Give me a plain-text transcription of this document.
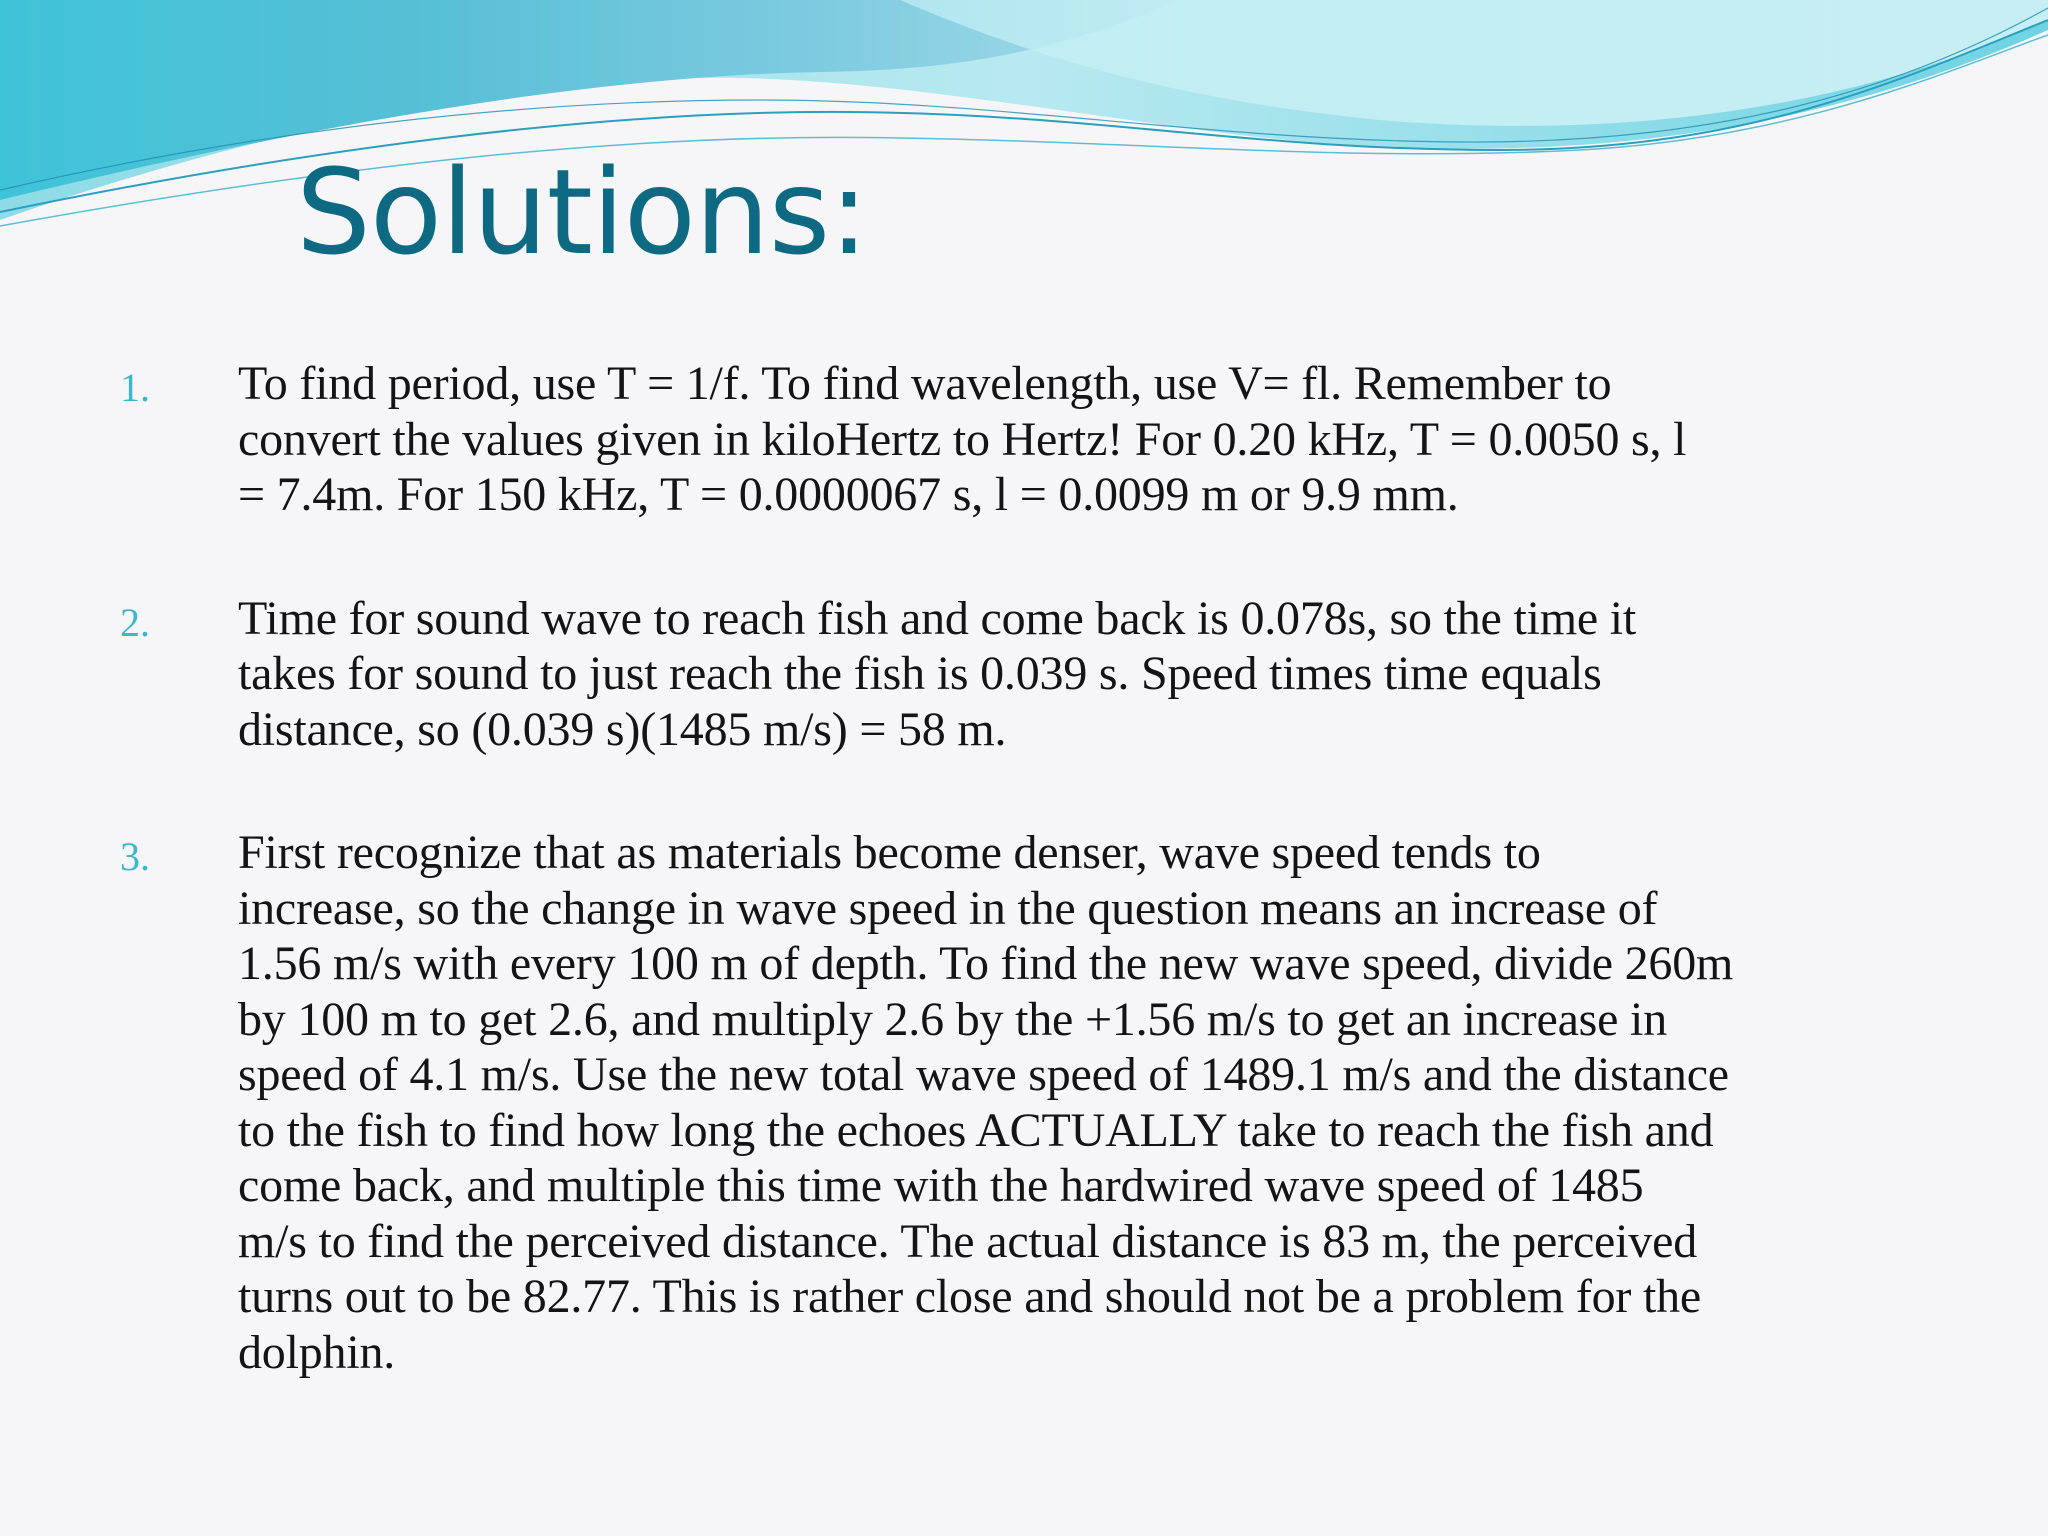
Solutions:
1. To find period, use T = 1/f. To find wavelength, use V= fl. Remember to
convert the values given in kiloHertz to Hertz! For 0.20 kHz, T = 0.0050 s, l
= 7.4m. For 150 kHz, T = 0.0000067 s, l = 0.0099 m or 9.9 mm.

2. Time for sound wave to reach fish and come back is 0.078s, so the time it
takes for sound to just reach the fish is 0.039 s. Speed times time equals
distance, so (0.039 s)(1485 m/s) = 58 m.

3. First recognize that as materials become denser, wave speed tends to
increase, so the change in wave speed in the question means an increase of
1.56 m/s with every 100 m of depth. To find the new wave speed, divide 260m
by 100 m to get 2.6, and multiply 2.6 by the +1.56 m/s to get an increase in
speed of 4.1 m/s. Use the new total wave speed of 1489.1 m/s and the distance
to the fish to find how long the echoes ACTUALLY take to reach the fish and
come back, and multiple this time with the hardwired wave speed of 1485
m/s to find the perceived distance. The actual distance is 83 m, the perceived
turns out to be 82.77. This is rather close and should not be a problem for the
dolphin.
